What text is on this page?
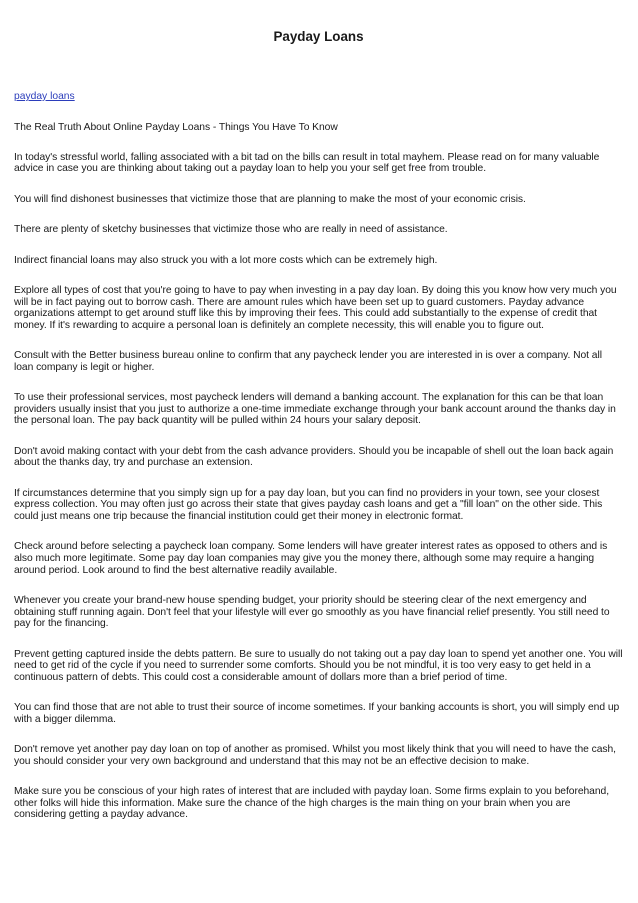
Payday Loans
payday loans

The Real Truth About Online Payday Loans - Things You Have To Know

In today's stressful world, falling associated with a bit tad on the bills can result in total mayhem. Please read on for many valuable advice in case you are thinking about taking out a payday loan to help you your self get free from trouble.

You will find dishonest businesses that victimize those that are planning to make the most of your economic crisis.

There are plenty of sketchy businesses that victimize those who are really in need of assistance.

Indirect financial loans may also struck you with a lot more costs which can be extremely high.

Explore all types of cost that you're going to have to pay when investing in a pay day loan. By doing this you know how very much you will be in fact paying out to borrow cash. There are amount rules which have been set up to guard customers. Payday advance organizations attempt to get around stuff like this by improving their fees. This could add substantially to the expense of credit that money. If it's rewarding to acquire a personal loan is definitely an complete necessity, this will enable you to figure out.

Consult with the Better business bureau online to confirm that any paycheck lender you are interested in is over a company. Not all loan company is legit or higher.

To use their professional services, most paycheck lenders will demand a banking account. The explanation for this can be that loan providers usually insist that you just to authorize a one-time immediate exchange through your bank account around the thanks day in the personal loan. The pay back quantity will be pulled within 24 hours your salary deposit.

Don't avoid making contact with your debt from the cash advance providers. Should you be incapable of shell out the loan back again about the thanks day, try and purchase an extension.

If circumstances determine that you simply sign up for a pay day loan, but you can find no providers in your town, see your closest express collection. You may often just go across their state that gives payday cash loans and get a "fill loan" on the other side. This could just means one trip because the financial institution could get their money in electronic format.

Check around before selecting a paycheck loan company. Some lenders will have greater interest rates as opposed to others and is also much more legitimate. Some pay day loan companies may give you the money there, although some may require a hanging around period. Look around to find the best alternative readily available.

Whenever you create your brand-new house spending budget, your priority should be steering clear of the next emergency and obtaining stuff running again. Don't feel that your lifestyle will ever go smoothly as you have financial relief presently. You still need to pay for the financing.

Prevent getting captured inside the debts pattern. Be sure to usually do not taking out a pay day loan to spend yet another one. You will need to get rid of the cycle if you need to surrender some comforts. Should you be not mindful, it is too very easy to get held in a continuous pattern of debts. This could cost a considerable amount of dollars more than a brief period of time.

You can find those that are not able to trust their source of income sometimes. If your banking accounts is short, you will simply end up with a bigger dilemma.

Don't remove yet another pay day loan on top of another as promised. Whilst you most likely think that you will need to have the cash, you should consider your very own background and understand that this may not be an effective decision to make.

Make sure you be conscious of your high rates of interest that are included with payday loan. Some firms explain to you beforehand, other folks will hide this information. Make sure the chance of the high charges is the main thing on your brain when you are considering getting a payday advance.
